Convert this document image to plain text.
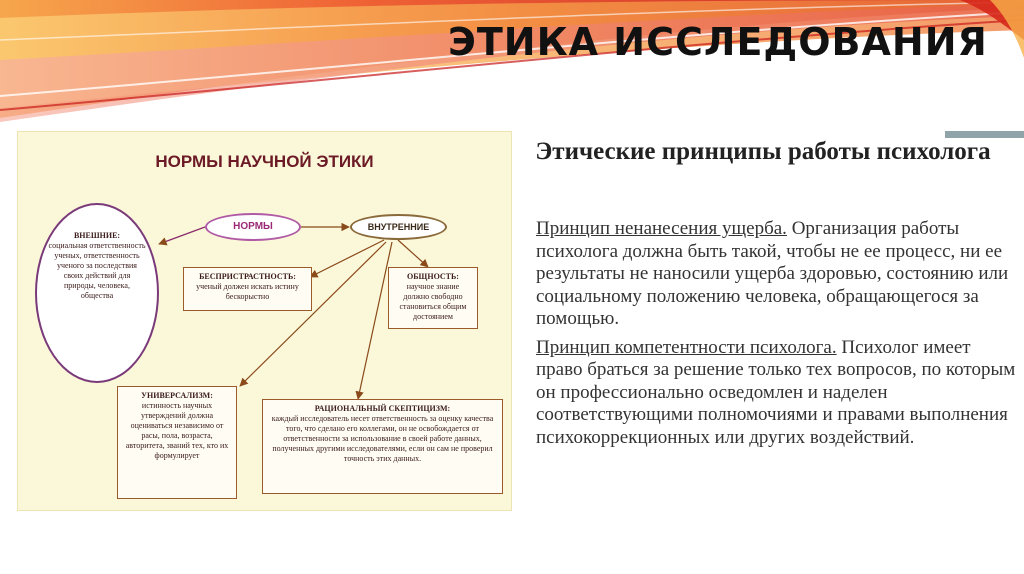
ЭТИКА ИССЛЕДОВАНИЯ
НОРМЫ НАУЧНОЙ ЭТИКИ
НОРМЫ	ВНУТРЕННИЕ
ВНЕШНИЕ:
социальная ответственность ученых, ответственность ученого за последствия своих действий для природы, человека, общества
БЕСПРИСТРАСТНОСТЬ:
ученый должен искать истину бескорыстно
ОБЩНОСТЬ:
научное знание должно свободно становиться общим достоянием
УНИВЕРСАЛИЗМ:
истинность научных утверждений должна оцениваться независимо от расы, пола, возраста, авторитета, званий тех, кто их формулирует
РАЦИОНАЛЬНЫЙ СКЕПТИЦИЗМ:
каждый исследователь несет ответственность за оценку качества того, что сделано его коллегами, он не освобождается от ответственности за использование в своей работе данных, полученных другими исследователями, если он сам не проверил точность этих данных.
Этические принципы работы психолога

Принцип ненанесения ущерба. Организация работы психолога должна быть такой, чтобы не ее процесс, ни ее результаты не наносили ущерба здоровью, состоянию или социальному положению человека, обращающегося за помощью.

Принцип компетентности психолога. Психолог имеет право браться за решение только тех вопросов, по которым он профессионально осведомлен и наделен соответствующими полномочиями и правами выполнения психокоррекционных или других воздействий.
